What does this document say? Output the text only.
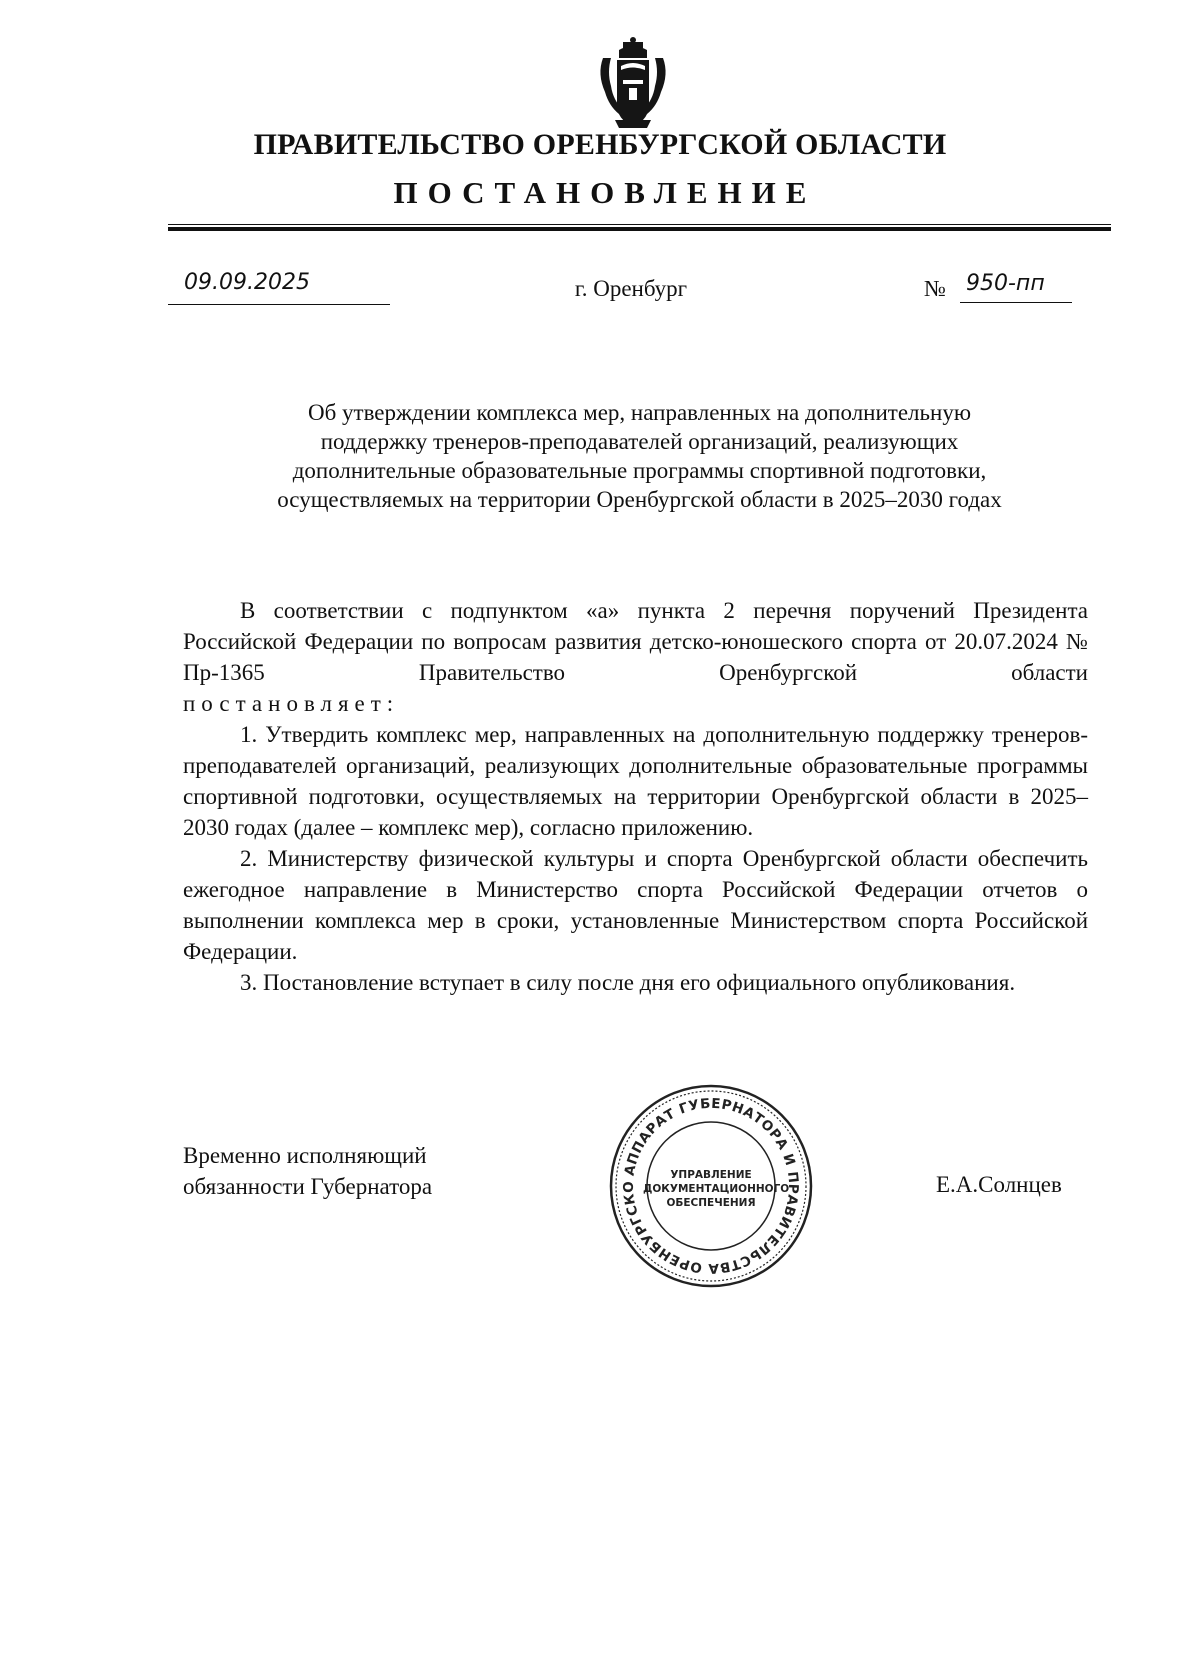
ПРАВИТЕЛЬСТВО ОРЕНБУРГСКОЙ ОБЛАСТИ
ПОСТАНОВЛЕНИЕ
09.09.2025	г. Оренбург	№ 950-пп
Об утверждении комплекса мер, направленных на дополнительную
поддержку тренеров-преподавателей организаций, реализующих
дополнительные образовательные программы спортивной подготовки,
осуществляемых на территории Оренбургской области в 2025–2030 годах

В соответствии с подпунктом «а» пункта 2 перечня поручений Президента Российской Федерации по вопросам развития детско-юношеского спорта от 20.07.2024 № Пр-1365 Правительство Оренбургской области

постановляет:

1. Утвердить комплекс мер, направленных на дополнительную поддержку тренеров-преподавателей организаций, реализующих дополнительные образовательные программы спортивной подготовки, осуществляемых на территории Оренбургской области в 2025–2030 годах (далее – комплекс мер), согласно приложению.

2. Министерству физической культуры и спорта Оренбургской области обеспечить ежегодное направление в Министерство спорта Российской Федерации отчетов о выполнении комплекса мер в сроки, установленные Министерством спорта Российской Федерации.

3. Постановление вступает в силу после дня его официального опубликования.

Временно исполняющий
обязанности Губернатора
АППАРАТ ГУБЕРНАТОРА И ПРАВИТЕЛЬСТВА ОРЕНБУРГСКО
УПРАВЛЕНИЕ
ДОКУМЕНТАЦИОННОГО
ОБЕСПЕЧЕНИЯ
Е.А.Солнцев
